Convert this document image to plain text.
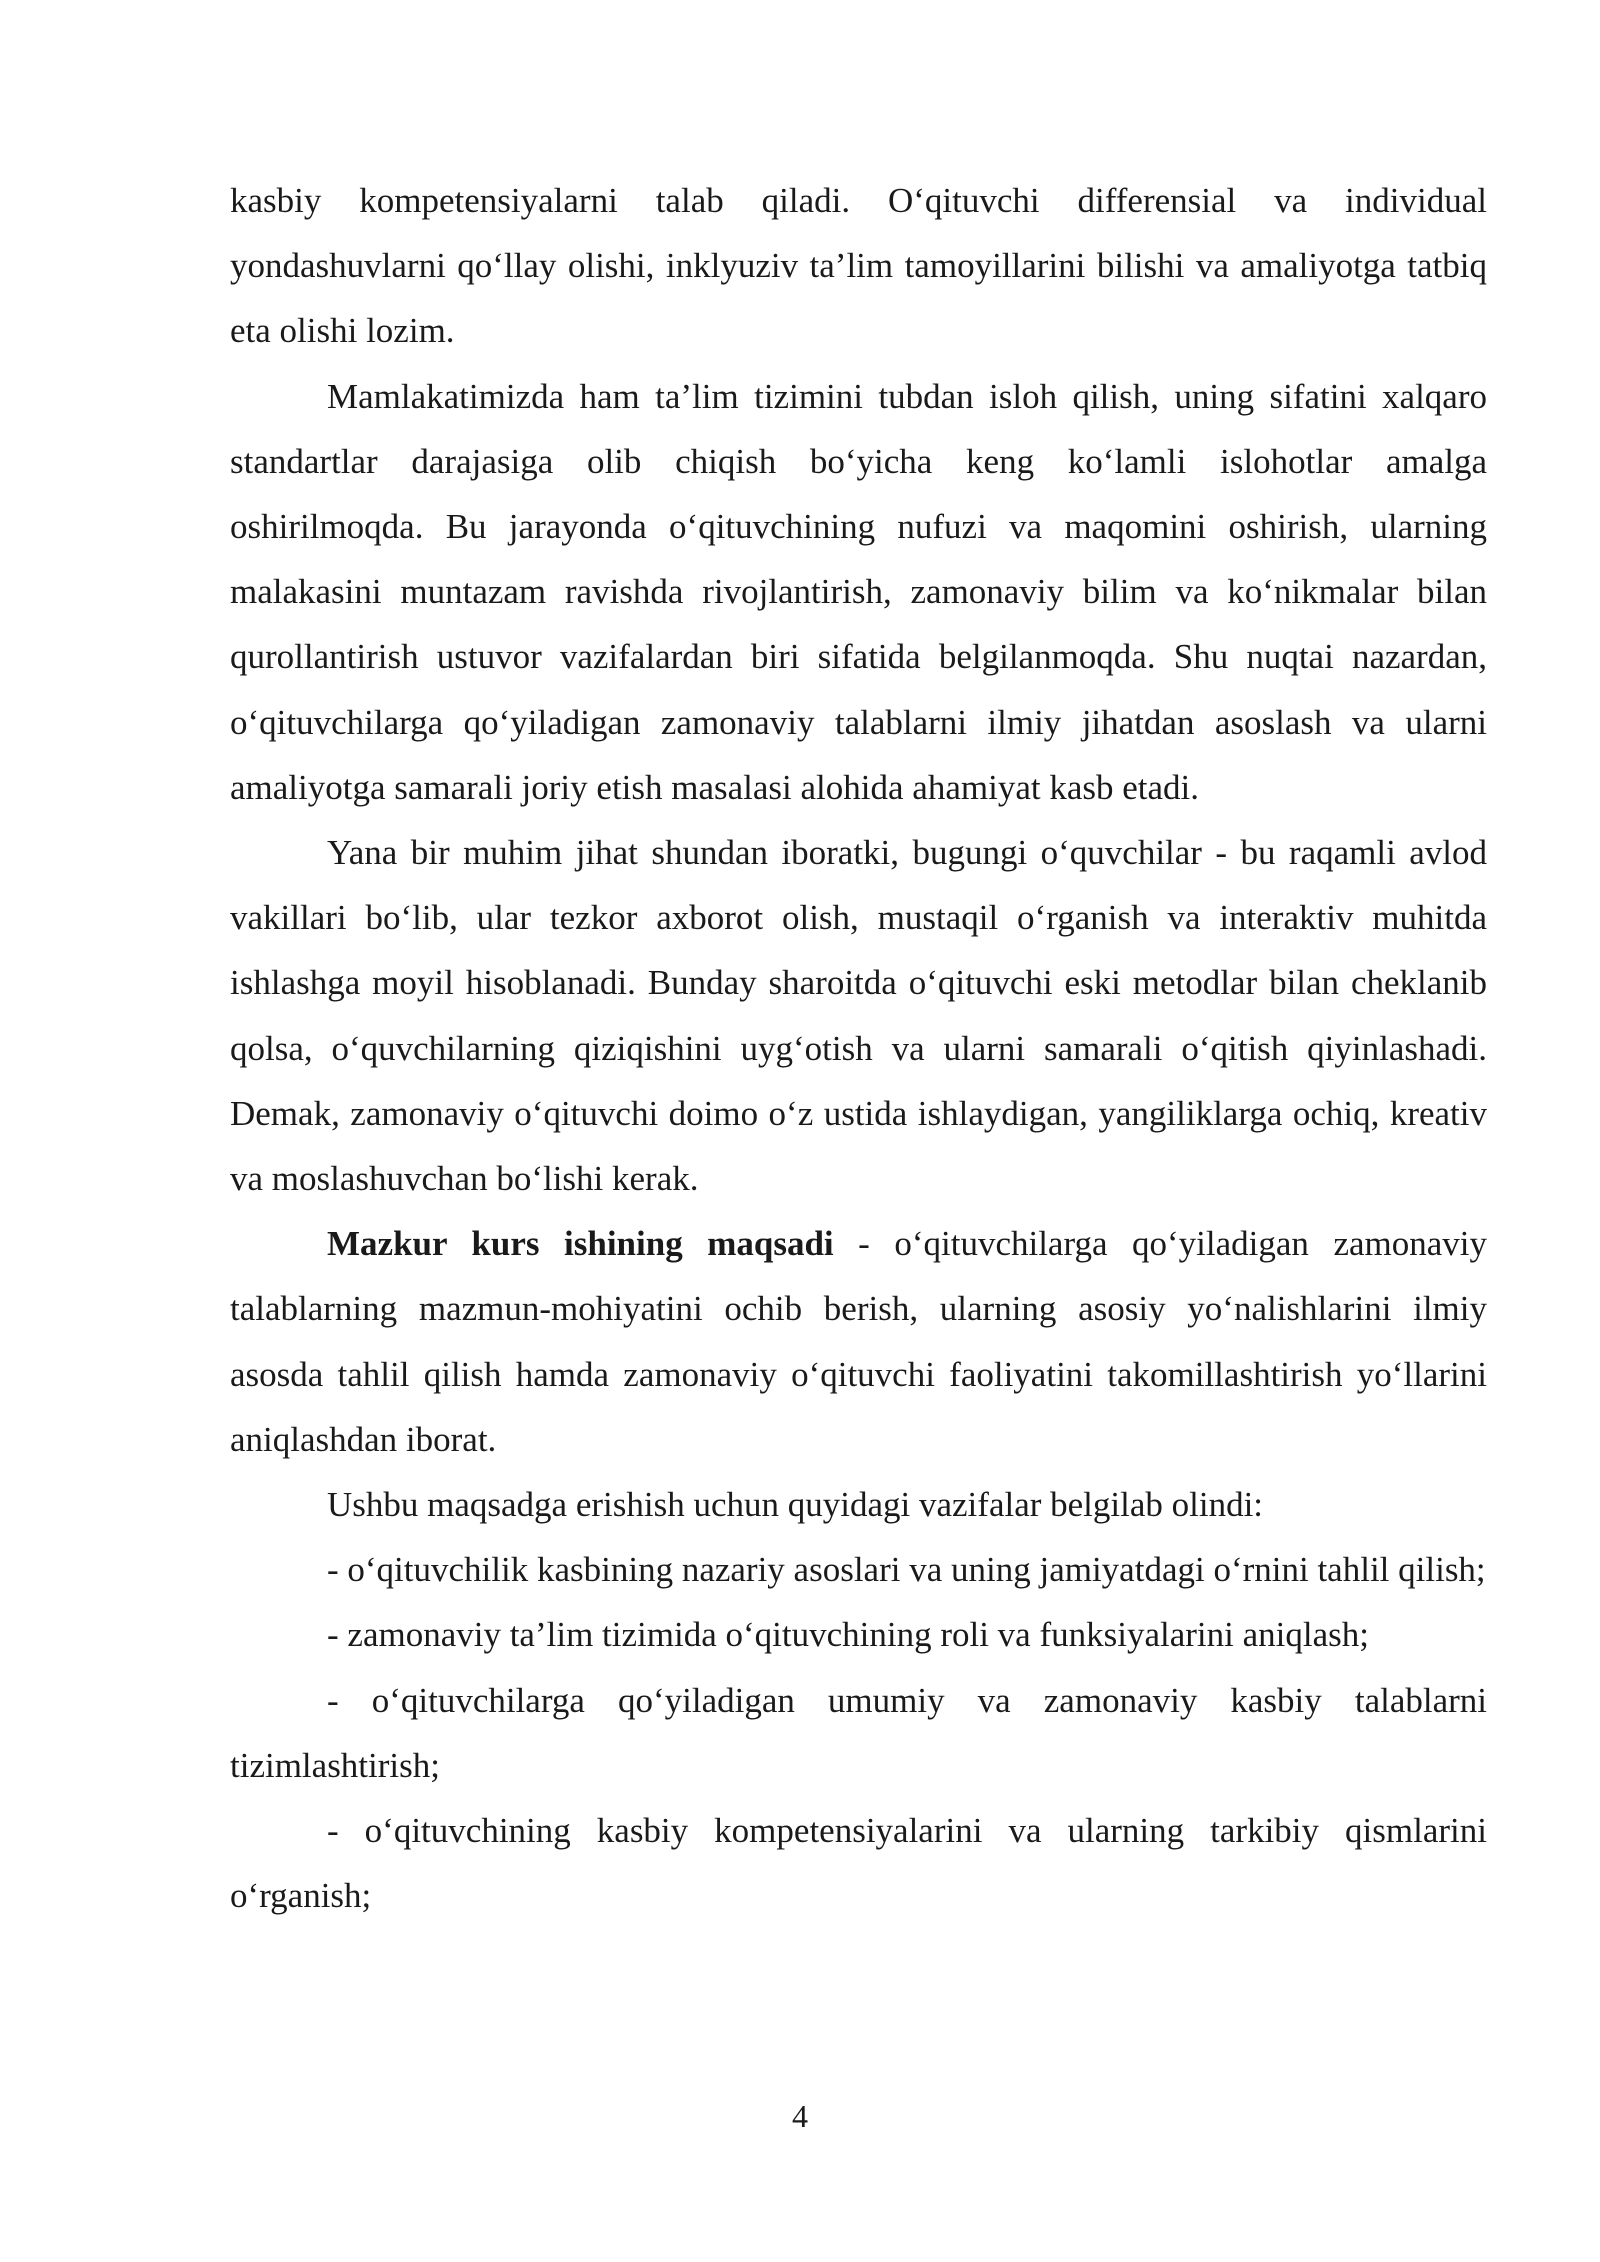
kasbiy kompetensiyalarni talab qiladi. O‘qituvchi differensial va individual yondashuvlarni qo‘llay olishi, inklyuziv ta’lim tamoyillarini bilishi va amaliyotga tatbiq eta olishi lozim.

Mamlakatimizda ham ta’lim tizimini tubdan isloh qilish, uning sifatini xalqaro standartlar darajasiga olib chiqish bo‘yicha keng ko‘lamli islohotlar amalga oshirilmoqda. Bu jarayonda o‘qituvchining nufuzi va maqomini oshirish, ularning malakasini muntazam ravishda rivojlantirish, zamonaviy bilim va ko‘nikmalar bilan qurollantirish ustuvor vazifalardan biri sifatida belgilanmoqda. Shu nuqtai nazardan, o‘qituvchilarga qo‘yiladigan zamonaviy talablarni ilmiy jihatdan asoslash va ularni amaliyotga samarali joriy etish masalasi alohida ahamiyat kasb etadi.

Yana bir muhim jihat shundan iboratki, bugungi o‘quvchilar - bu raqamli avlod vakillari bo‘lib, ular tezkor axborot olish, mustaqil o‘rganish va interaktiv muhitda ishlashga moyil hisoblanadi. Bunday sharoitda o‘qituvchi eski metodlar bilan cheklanib qolsa, o‘quvchilarning qiziqishini uyg‘otish va ularni samarali o‘qitish qiyinlashadi. Demak, zamonaviy o‘qituvchi doimo o‘z ustida ishlaydigan, yangiliklarga ochiq, kreativ va moslashuvchan bo‘lishi kerak.

Mazkur kurs ishining maqsadi - o‘qituvchilarga qo‘yiladigan zamonaviy talablarning mazmun-mohiyatini ochib berish, ularning asosiy yo‘nalishlarini ilmiy asosda tahlil qilish hamda zamonaviy o‘qituvchi faoliyatini takomillashtirish yo‘llarini aniqlashdan iborat.

Ushbu maqsadga erishish uchun quyidagi vazifalar belgilab olindi:

- o‘qituvchilik kasbining nazariy asoslari va uning jamiyatdagi o‘rnini tahlil qilish;

- zamonaviy ta’lim tizimida o‘qituvchining roli va funksiyalarini aniqlash;

- o‘qituvchilarga qo‘yiladigan umumiy va zamonaviy kasbiy talablarni tizimlashtirish;

- o‘qituvchining kasbiy kompetensiyalarini va ularning tarkibiy qismlarini o‘rganish;

4
